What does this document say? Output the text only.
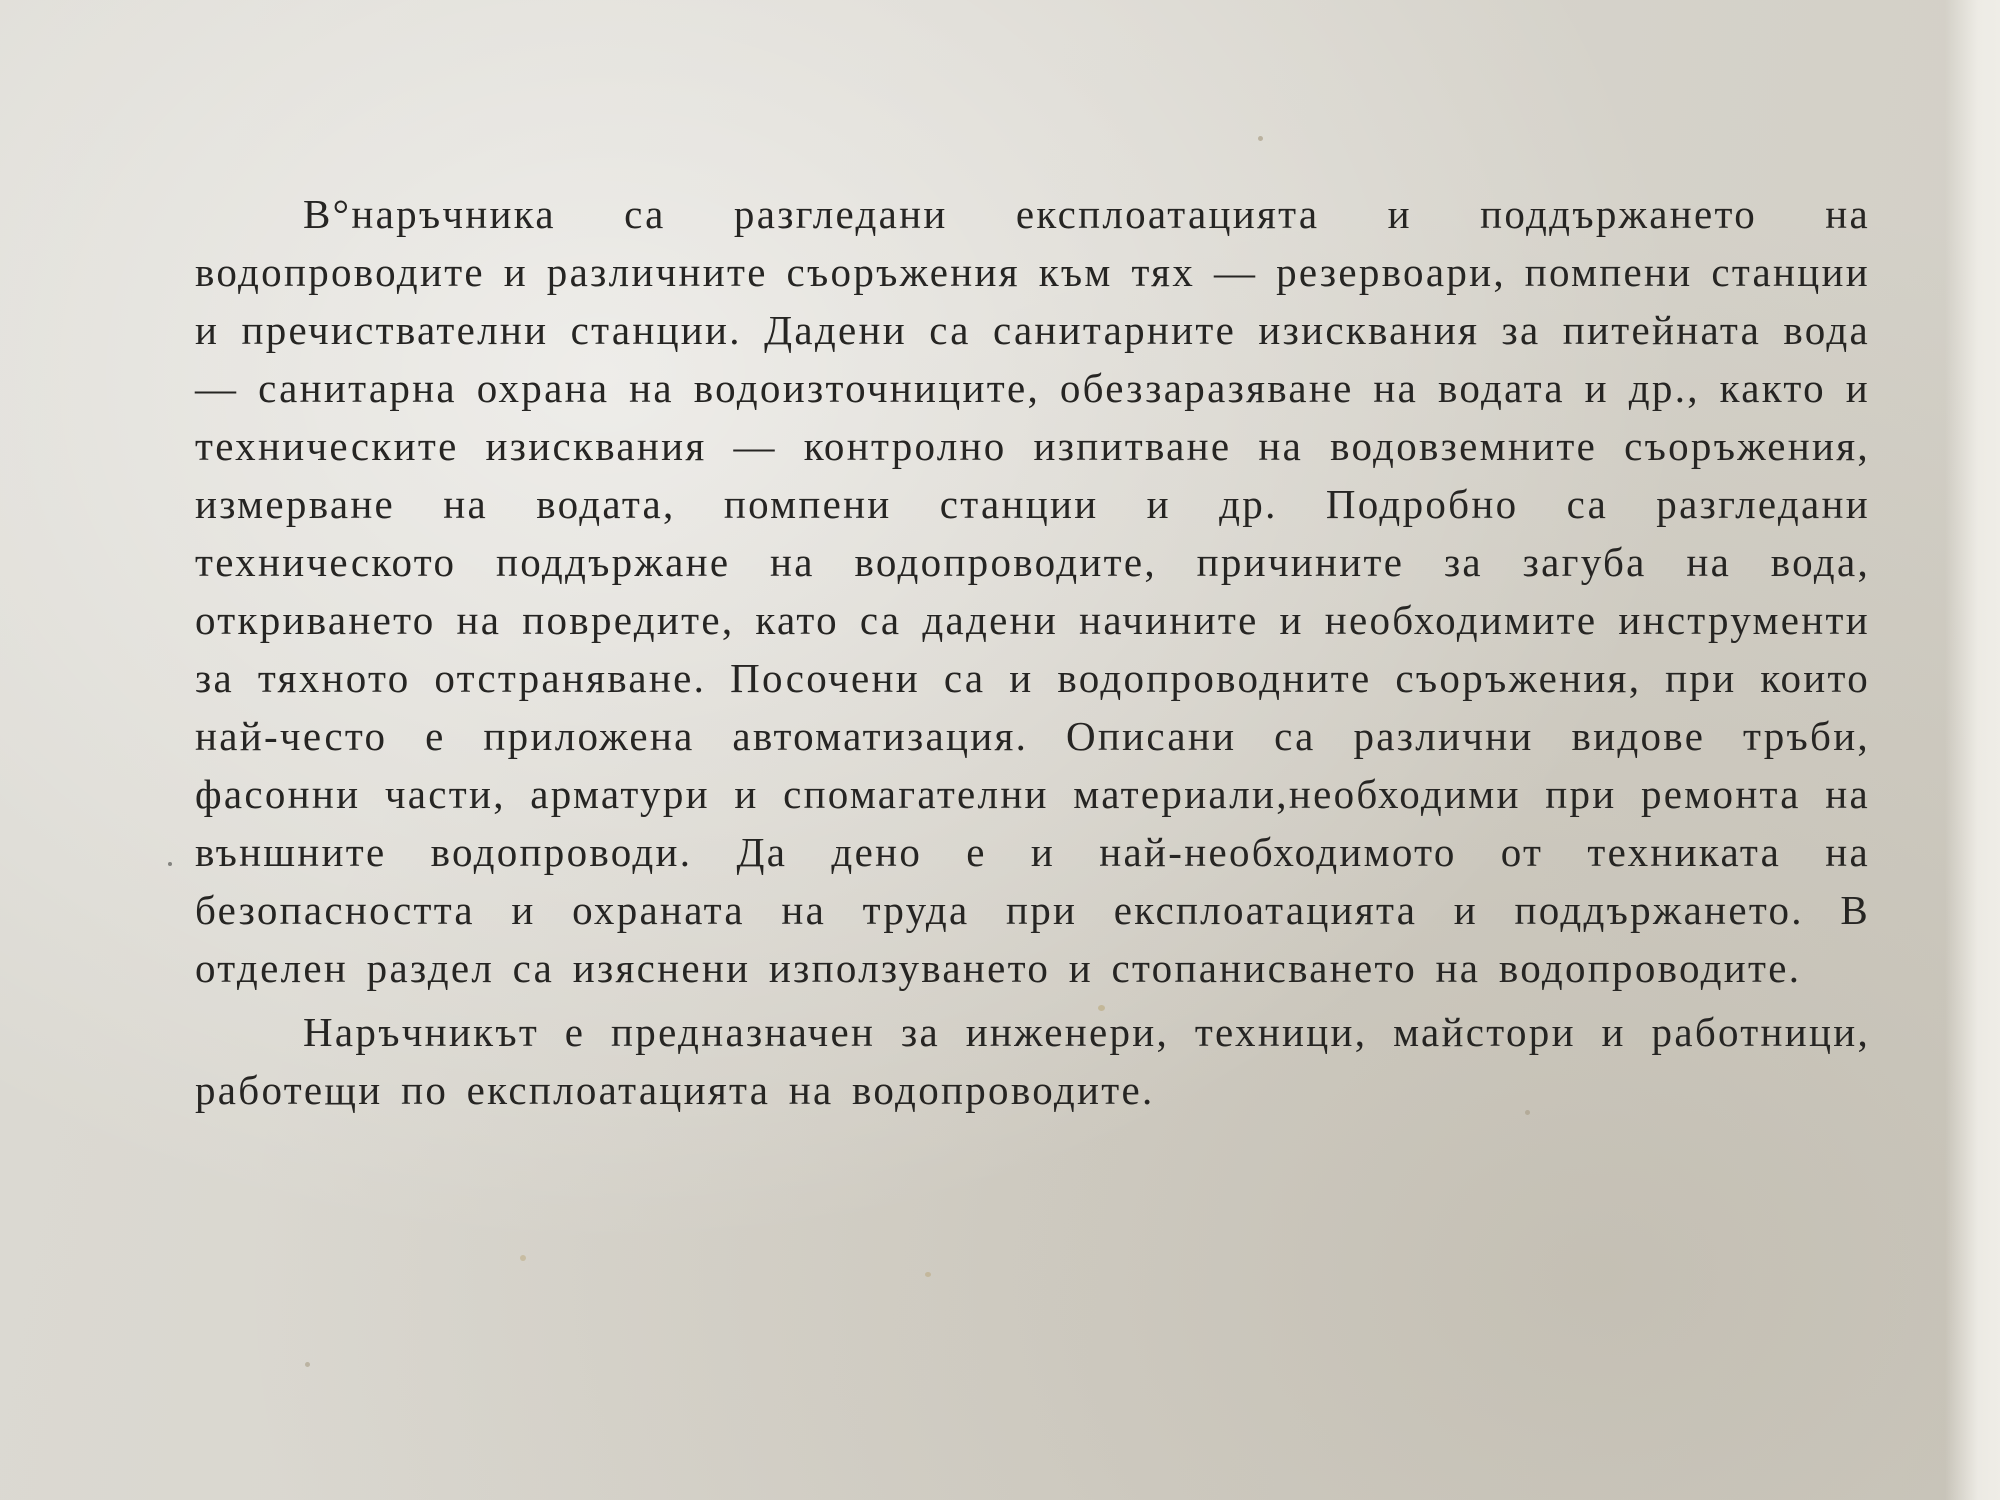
В°наръчника са разгледани експлоатацията и поддържането на водопроводите и различните съоръжения към тях — резервоари, помпени станции и пречиствателни станции. Дадени са санитарните изисквания за питейната вода — санитарна охрана на водоизточниците, обеззаразяване на водата и др., както и техническите изисквания — контролно изпитване на водовземните съоръжения, измерване на водата, помпени станции и др. Подробно са разгледани техническото поддържане на водопроводите, причините за загуба на вода, откриването на повредите, като са дадени начините и необходимите инструменти за тяхното отстраняване. Посочени са и водопроводните съоръжения, при които най-често е приложена автоматизация. Описани са различни видове тръби, фасонни части, арматури и спомагателни материали,необходими при ремонта на външните водопроводи. Да дено е и най-необходимото от техниката на безопасността и охраната на труда при експлоатацията и поддържането. В отделен раздел са изяснени използуването и стопанисването на водопроводите.

Наръчникът е предназначен за инженери, техници, майстори и работници, работещи по експлоатацията на водопроводите.
